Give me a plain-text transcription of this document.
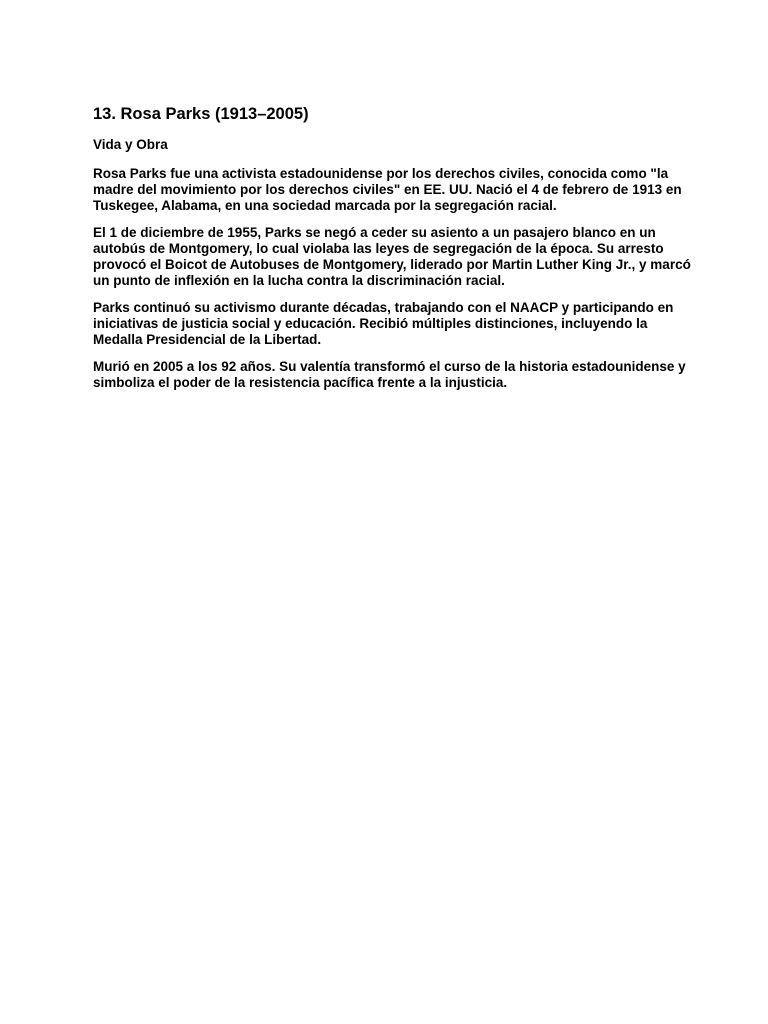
13. Rosa Parks (1913–2005)
Vida y Obra

Rosa Parks fue una activista estadounidense por los derechos civiles, conocida como "la madre del movimiento por los derechos civiles" en EE. UU. Nació el 4 de febrero de 1913 en Tuskegee, Alabama, en una sociedad marcada por la segregación racial.

El 1 de diciembre de 1955, Parks se negó a ceder su asiento a un pasajero blanco en un autobús de Montgomery, lo cual violaba las leyes de segregación de la época. Su arresto provocó el Boicot de Autobuses de Montgomery, liderado por Martin Luther King Jr., y marcó un punto de inflexión en la lucha contra la discriminación racial.

Parks continuó su activismo durante décadas, trabajando con el NAACP y participando en iniciativas de justicia social y educación. Recibió múltiples distinciones, incluyendo la Medalla Presidencial de la Libertad.

Murió en 2005 a los 92 años. Su valentía transformó el curso de la historia estadounidense y simboliza el poder de la resistencia pacífica frente a la injusticia.
